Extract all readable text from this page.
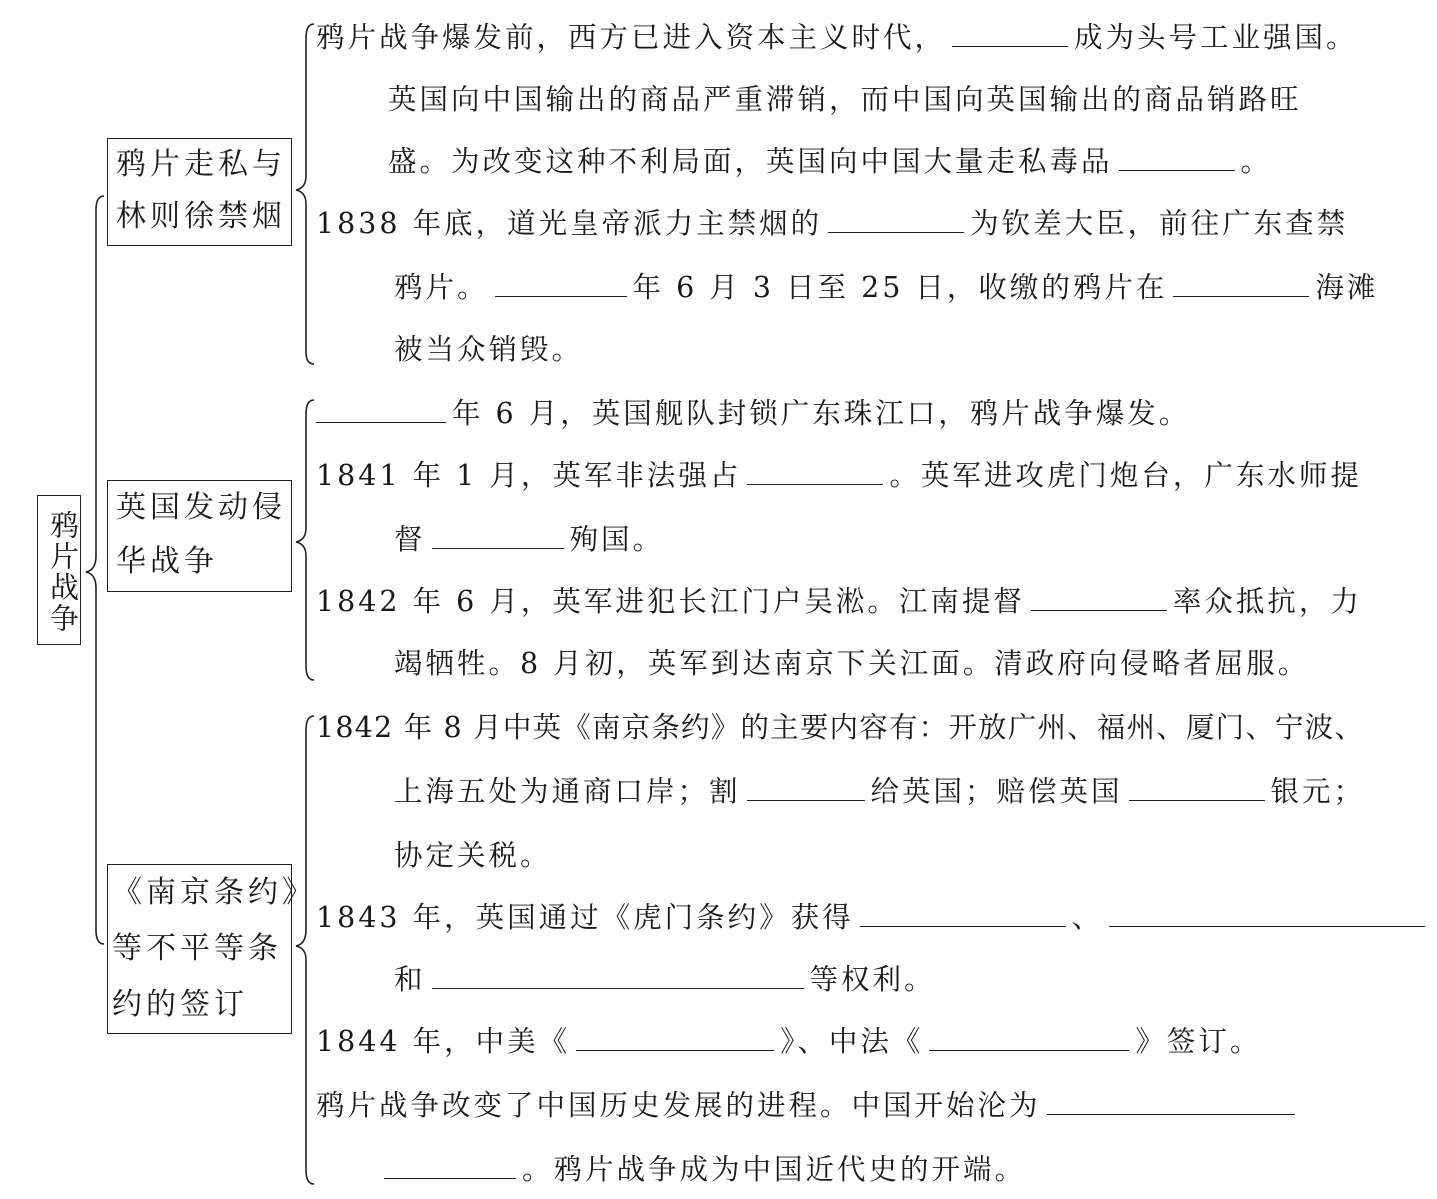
鸦片战争
鸦片走私与
林则徐禁烟
英国发动侵
华战争
《南京条约》
等不平等条
约的签订
鸦片战争爆发前，西方已进入资本主义时代，	成为头号工业强国。
英国向中国输出的商品严重滞销，而中国向英国输出的商品销路旺
盛。为改变这种不利局面，英国向中国大量走私毒品	。
1838 年底，道光皇帝派力主禁烟的	为钦差大臣，前往广东查禁
鸦片。	年 6 月 3 日至 25 日，收缴的鸦片在	海滩
被当众销毁。
年 6 月，英国舰队封锁广东珠江口，鸦片战争爆发。
1841 年 1 月，英军非法强占	。英军进攻虎门炮台，广东水师提
督	殉国。
1842 年 6 月，英军进犯长江门户吴淞。江南提督	率众抵抗，力
竭牺牲。8 月初，英军到达南京下关江面。清政府向侵略者屈服。
1842 年 8 月中英《南京条约》的主要内容有：开放广州、福州、厦门、宁波、
上海五处为通商口岸；割	给英国；赔偿英国	银元；
协定关税。
1843 年，英国通过《虎门条约》获得	、
和	等权利。
1844 年，中美《	》、中法《	》签订。
鸦片战争改变了中国历史发展的进程。中国开始沦为
。鸦片战争成为中国近代史的开端。
